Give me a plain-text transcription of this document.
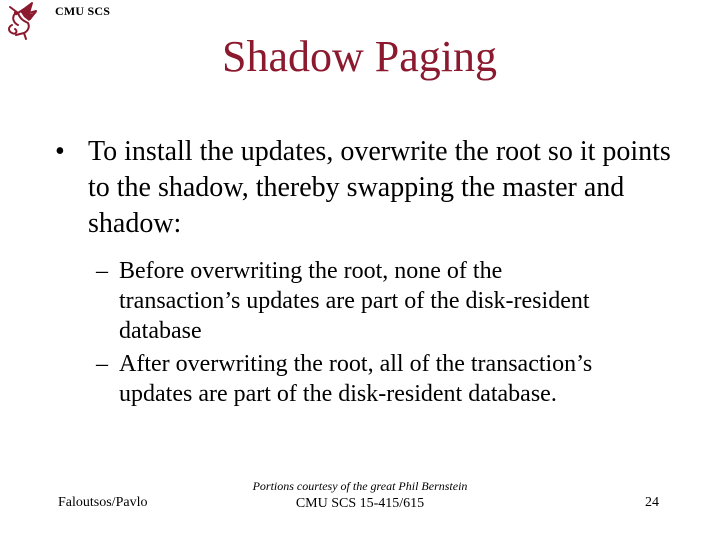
CMU SCS
Shadow Paging
• To install the updates, overwrite the root so it points to the shadow, thereby swapping the master and shadow:
– Before overwriting the root, none of the transaction’s updates are part of the disk-resident database
– After overwriting the root, all of the transaction’s updates are part of the disk-resident database.
Faloutsos/Pavlo
Portions courtesy of the great Phil Bernstein
CMU SCS 15-415/615	24
